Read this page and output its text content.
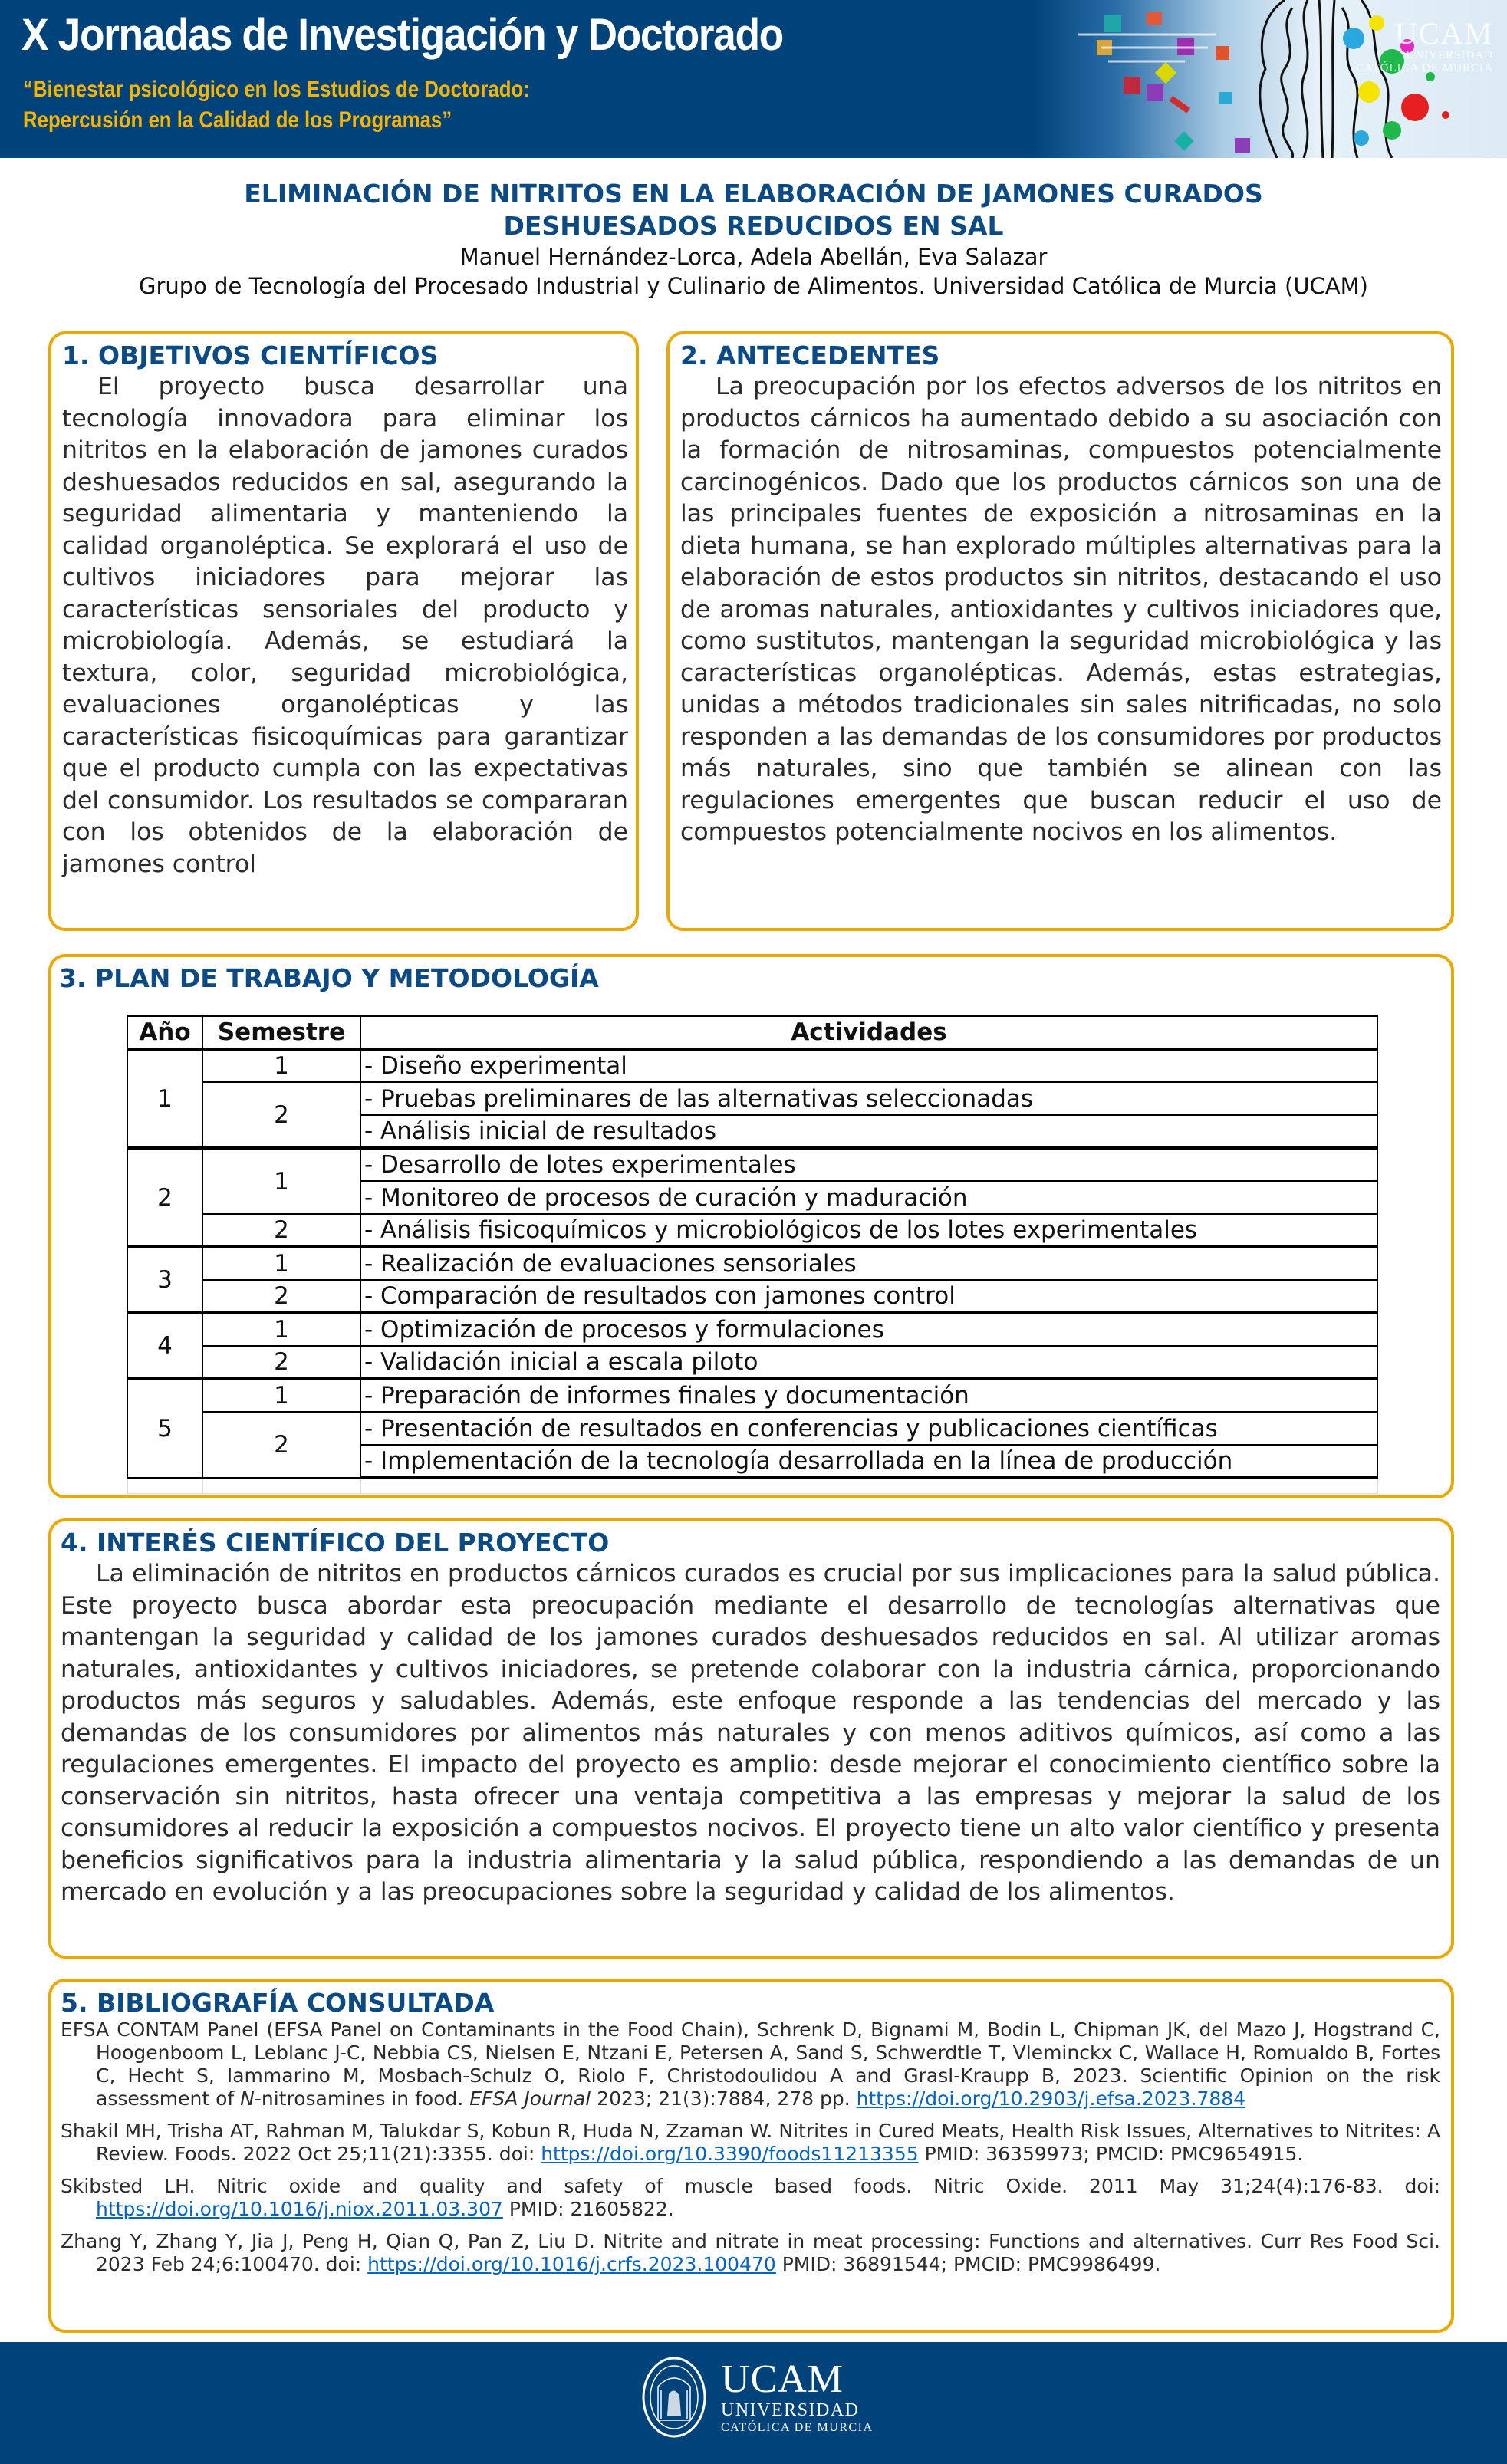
X Jornadas de Investigación y Doctorado
“Bienestar psicológico en los Estudios de Doctorado:
Repercusión en la Calidad de los Programas”
UCAM
UNIVERSIDAD
CATÓLICA DE MURCIA
ELIMINACIÓN DE NITRITOS EN LA ELABORACIÓN DE JAMONES CURADOS
DESHUESADOS REDUCIDOS EN SAL
Manuel Hernández-Lorca, Adela Abellán, Eva Salazar
Grupo de Tecnología del Procesado Industrial y Culinario de Alimentos. Universidad Católica de Murcia (UCAM)
1. OBJETIVOS CIENTÍFICOS
El proyecto busca desarrollar una tecnología innovadora para eliminar los nitritos en la elaboración de jamones curados deshuesados reducidos en sal, asegurando la seguridad alimentaria y manteniendo la calidad organoléptica. Se explorará el uso de cultivos iniciadores para mejorar las características sensoriales del producto y microbiología. Además, se estudiará la textura, color, seguridad microbiológica, evaluaciones organolépticas y las características fisicoquímicas para garantizar que el producto cumpla con las expectativas del consumidor. Los resultados se compararan con los obtenidos de la elaboración de jamones control
2. ANTECEDENTES
La preocupación por los efectos adversos de los nitritos en productos cárnicos ha aumentado debido a su asociación con la formación de nitrosaminas, compuestos potencialmente carcinogénicos. Dado que los productos cárnicos son una de las principales fuentes de exposición a nitrosaminas en la dieta humana, se han explorado múltiples alternativas para la elaboración de estos productos sin nitritos, destacando el uso de aromas naturales, antioxidantes y cultivos iniciadores que, como sustitutos, mantengan la seguridad microbiológica y las características organolépticas. Además, estas estrategias, unidas a métodos tradicionales sin sales nitrificadas, no solo responden a las demandas de los consumidores por productos más naturales, sino que también se alinean con las regulaciones emergentes que buscan reducir el uso de compuestos potencialmente nocivos en los alimentos.
3. PLAN DE TRABAJO Y METODOLOGÍA
Año	Semestre	Actividades
1	1	- Diseño experimental
	2	- Pruebas preliminares de las alternativas seleccionadas
		- Análisis inicial de resultados
2	1	- Desarrollo de lotes experimentales
		- Monitoreo de procesos de curación y maduración
	2	- Análisis fisicoquímicos y microbiológicos de los lotes experimentales
3	1	- Realización de evaluaciones sensoriales
	2	- Comparación de resultados con jamones control
4	1	- Optimización de procesos y formulaciones
	2	- Validación inicial a escala piloto
5	1	- Preparación de informes finales y documentación
	2	- Presentación de resultados en conferencias y publicaciones científicas
		- Implementación de la tecnología desarrollada en la línea de producción

4. INTERÉS CIENTÍFICO DEL PROYECTO
La eliminación de nitritos en productos cárnicos curados es crucial por sus implicaciones para la salud pública. Este proyecto busca abordar esta preocupación mediante el desarrollo de tecnologías alternativas que mantengan la seguridad y calidad de los jamones curados deshuesados reducidos en sal. Al utilizar aromas naturales, antioxidantes y cultivos iniciadores, se pretende colaborar con la industria cárnica, proporcionando productos más seguros y saludables. Además, este enfoque responde a las tendencias del mercado y las demandas de los consumidores por alimentos más naturales y con menos aditivos químicos, así como a las regulaciones emergentes. El impacto del proyecto es amplio: desde mejorar el conocimiento científico sobre la conservación sin nitritos, hasta ofrecer una ventaja competitiva a las empresas y mejorar la salud de los consumidores al reducir la exposición a compuestos nocivos. El proyecto tiene un alto valor científico y presenta beneficios significativos para la industria alimentaria y la salud pública, respondiendo a las demandas de un mercado en evolución y a las preocupaciones sobre la seguridad y calidad de los alimentos.
5. BIBLIOGRAFÍA CONSULTADA
EFSA CONTAM Panel (EFSA Panel on Contaminants in the Food Chain), Schrenk D, Bignami M, Bodin L, Chipman JK, del Mazo J, Hogstrand C, Hoogenboom L, Leblanc J-C, Nebbia CS, Nielsen E, Ntzani E, Petersen A, Sand S, Schwerdtle T, Vleminckx C, Wallace H, Romualdo B, Fortes C, Hecht S, Iammarino M, Mosbach-Schulz O, Riolo F, Christodoulidou A and Grasl-Kraupp B, 2023. Scientific Opinion on the risk assessment of N-nitrosamines in food. EFSA Journal 2023; 21(3):7884, 278 pp. https://doi.org/10.2903/j.efsa.2023.7884
Shakil MH, Trisha AT, Rahman M, Talukdar S, Kobun R, Huda N, Zzaman W. Nitrites in Cured Meats, Health Risk Issues, Alternatives to Nitrites: A Review. Foods. 2022 Oct 25;11(21):3355. doi: https://doi.org/10.3390/foods11213355 PMID: 36359973; PMCID: PMC9654915.
Skibsted LH. Nitric oxide and quality and safety of muscle based foods. Nitric Oxide. 2011 May 31;24(4):176-83. doi: https://doi.org/10.1016/j.niox.2011.03.307 PMID: 21605822.
Zhang Y, Zhang Y, Jia J, Peng H, Qian Q, Pan Z, Liu D. Nitrite and nitrate in meat processing: Functions and alternatives. Curr Res Food Sci. 2023 Feb 24;6:100470. doi: https://doi.org/10.1016/j.crfs.2023.100470 PMID: 36891544; PMCID: PMC9986499.
UCAM
UNIVERSIDAD
CATÓLICA DE MURCIA
